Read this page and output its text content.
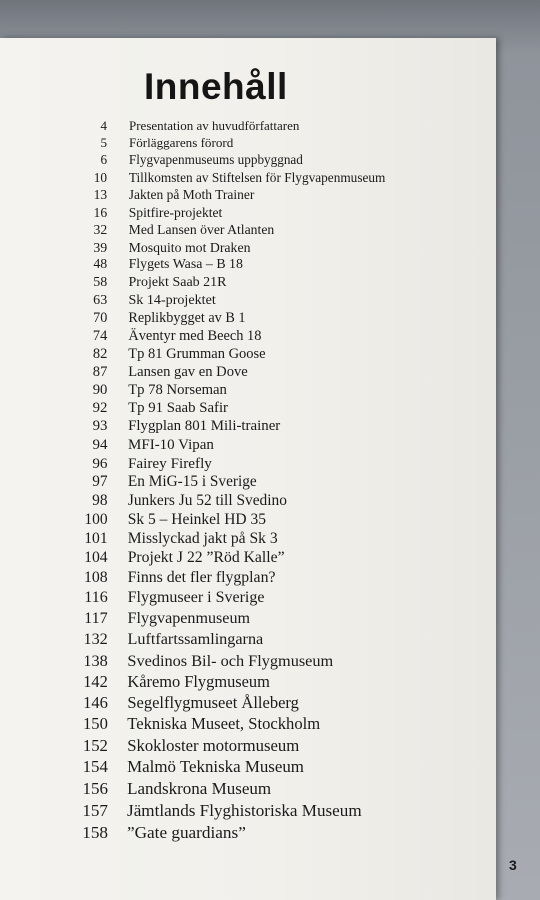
Innehåll
4 Presentation av huvudförfattaren
5 Förläggarens förord
6 Flygvapenmuseums uppbyggnad
10 Tillkomsten av Stiftelsen för Flygvapenmuseum
13 Jakten på Moth Trainer
16 Spitfire-projektet
32 Med Lansen över Atlanten
39 Mosquito mot Draken
48 Flygets Wasa – B 18
58 Projekt Saab 21R
63 Sk 14-projektet
70 Replikbygget av B 1
74 Äventyr med Beech 18
82 Tp 81 Grumman Goose
87 Lansen gav en Dove
90 Tp 78 Norseman
92 Tp 91 Saab Safir
93 Flygplan 801 Mili-trainer
94 MFI-10 Vipan
96 Fairey Firefly
97 En MiG-15 i Sverige
98 Junkers Ju 52 till Svedino
100 Sk 5 – Heinkel HD 35
101 Misslyckad jakt på Sk 3
104 Projekt J 22 ”Röd Kalle”
108 Finns det fler flygplan?
116 Flygmuseer i Sverige
117 Flygvapenmuseum
132 Luftfartssamlingarna
138 Svedinos Bil- och Flygmuseum
142 Kåremo Flygmuseum
146 Segelflygmuseet Ålleberg
150 Tekniska Museet, Stockholm
152 Skokloster motormuseum
154 Malmö Tekniska Museum
156 Landskrona Museum
157 Jämtlands Flyghistoriska Museum
158 ”Gate guardians”
3
